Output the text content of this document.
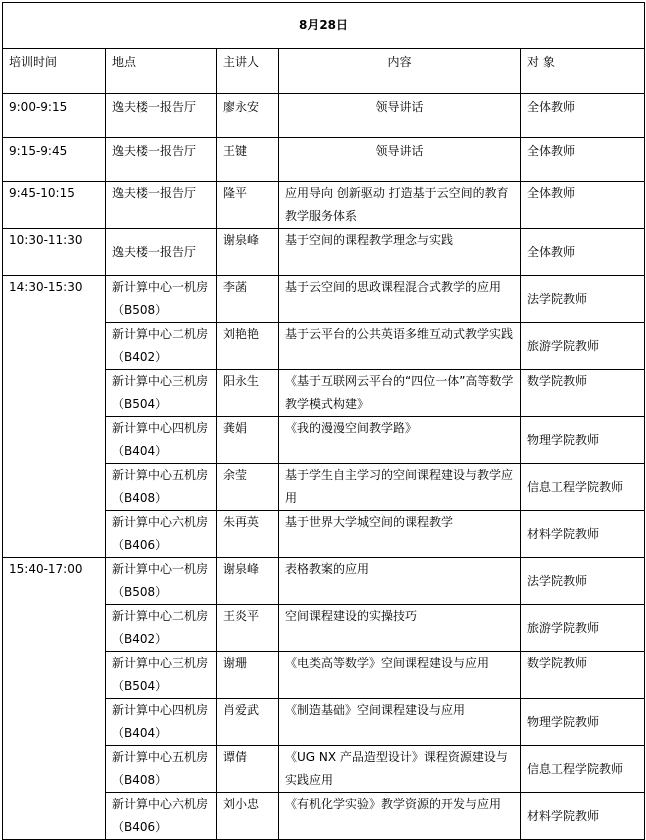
8月28日				
培训时间	地点	主讲人	内容	对 象
9:00-9:15	逸夫楼一报告厅	廖永安	领导讲话	全体教师
9:15-9:45	逸夫楼一报告厅	王键	领导讲话	全体教师
9:45-10:15	逸夫楼一报告厅	隆平	应用导向 创新驱动 打造基于云空间的教育教学服务体系	全体教师
10:30-11:30	逸夫楼一报告厅	谢泉峰	基于空间的课程教学理念与实践	全体教师
14:30-15:30	新计算中心一机房（B508）	李菡	基于云空间的思政课程混合式教学的应用	法学院教师
	新计算中心二机房（B402）	刘艳艳	基于云平台的公共英语多维互动式教学实践	旅游学院教师
	新计算中心三机房（B504）	阳永生	《基于互联网云平台的“四位一体”高等数学教学模式构建》	数学院教师
	新计算中心四机房（B404）	龚娟	《我的漫漫空间教学路》	物理学院教师
	新计算中心五机房（B408）	余莹	基于学生自主学习的空间课程建设与教学应用	信息工程学院教师
	新计算中心六机房（B406）	朱再英	基于世界大学城空间的课程教学	材料学院教师
15:40-17:00	新计算中心一机房（B508）	谢泉峰	表格教案的应用	法学院教师
	新计算中心二机房（B402）	王炎平	空间课程建设的实操技巧	旅游学院教师
	新计算中心三机房（B504）	谢珊	《电类高等数学》空间课程建设与应用	数学院教师
	新计算中心四机房（B404）	肖爱武	《制造基础》空间课程建设与应用	物理学院教师
	新计算中心五机房（B408）	谭倩	《UG NX 产品造型设计》课程资源建设与实践应用	信息工程学院教师
	新计算中心六机房（B406）	刘小忠	《有机化学实验》教学资源的开发与应用	材料学院教师
